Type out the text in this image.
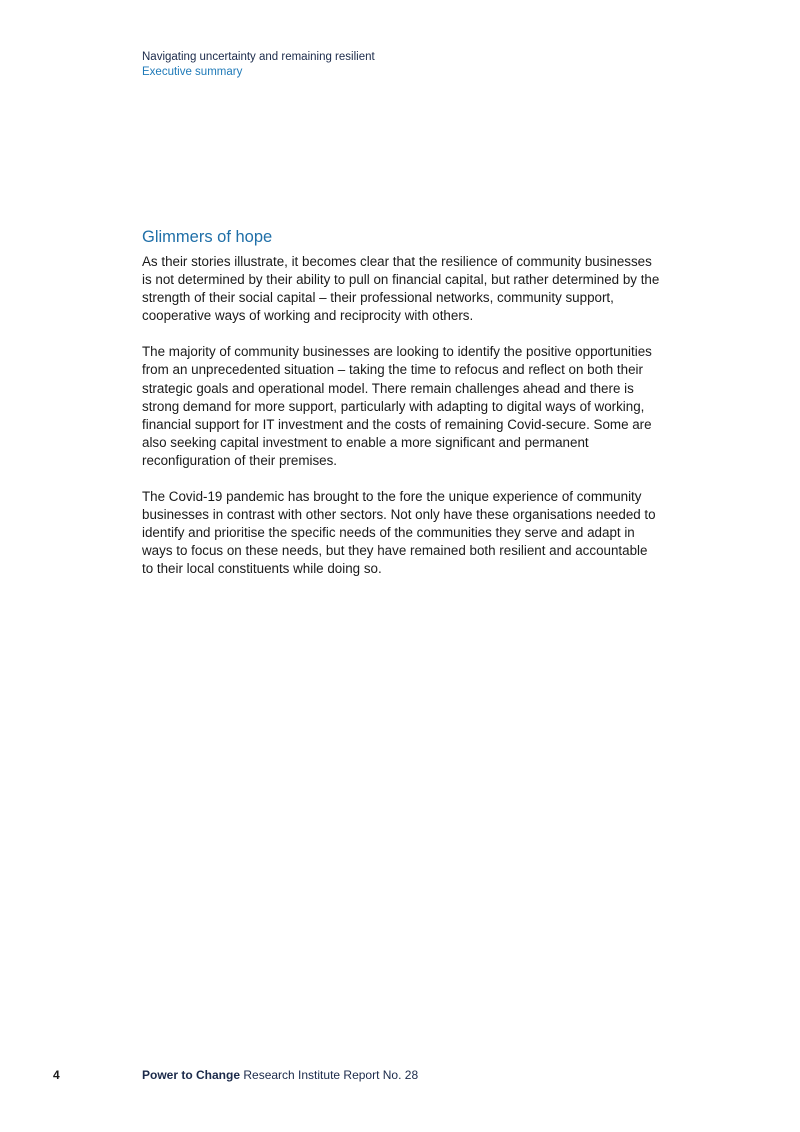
Navigating uncertainty and remaining resilient
Executive summary
Glimmers of hope

As their stories illustrate, it becomes clear that the resilience of community businesses is not determined by their ability to pull on financial capital, but rather determined by the strength of their social capital – their professional networks, community support, cooperative ways of working and reciprocity with others.

The majority of community businesses are looking to identify the positive opportunities from an unprecedented situation – taking the time to refocus and reflect on both their strategic goals and operational model. There remain challenges ahead and there is strong demand for more support, particularly with adapting to digital ways of working, financial support for IT investment and the costs of remaining Covid-secure. Some are also seeking capital investment to enable a more significant and permanent reconfiguration of their premises.

The Covid-19 pandemic has brought to the fore the unique experience of community businesses in contrast with other sectors. Not only have these organisations needed to identify and prioritise the specific needs of the communities they serve and adapt in ways to focus on these needs, but they have remained both resilient and accountable to their local constituents while doing so.

4	Power to Change Research Institute Report No. 28
